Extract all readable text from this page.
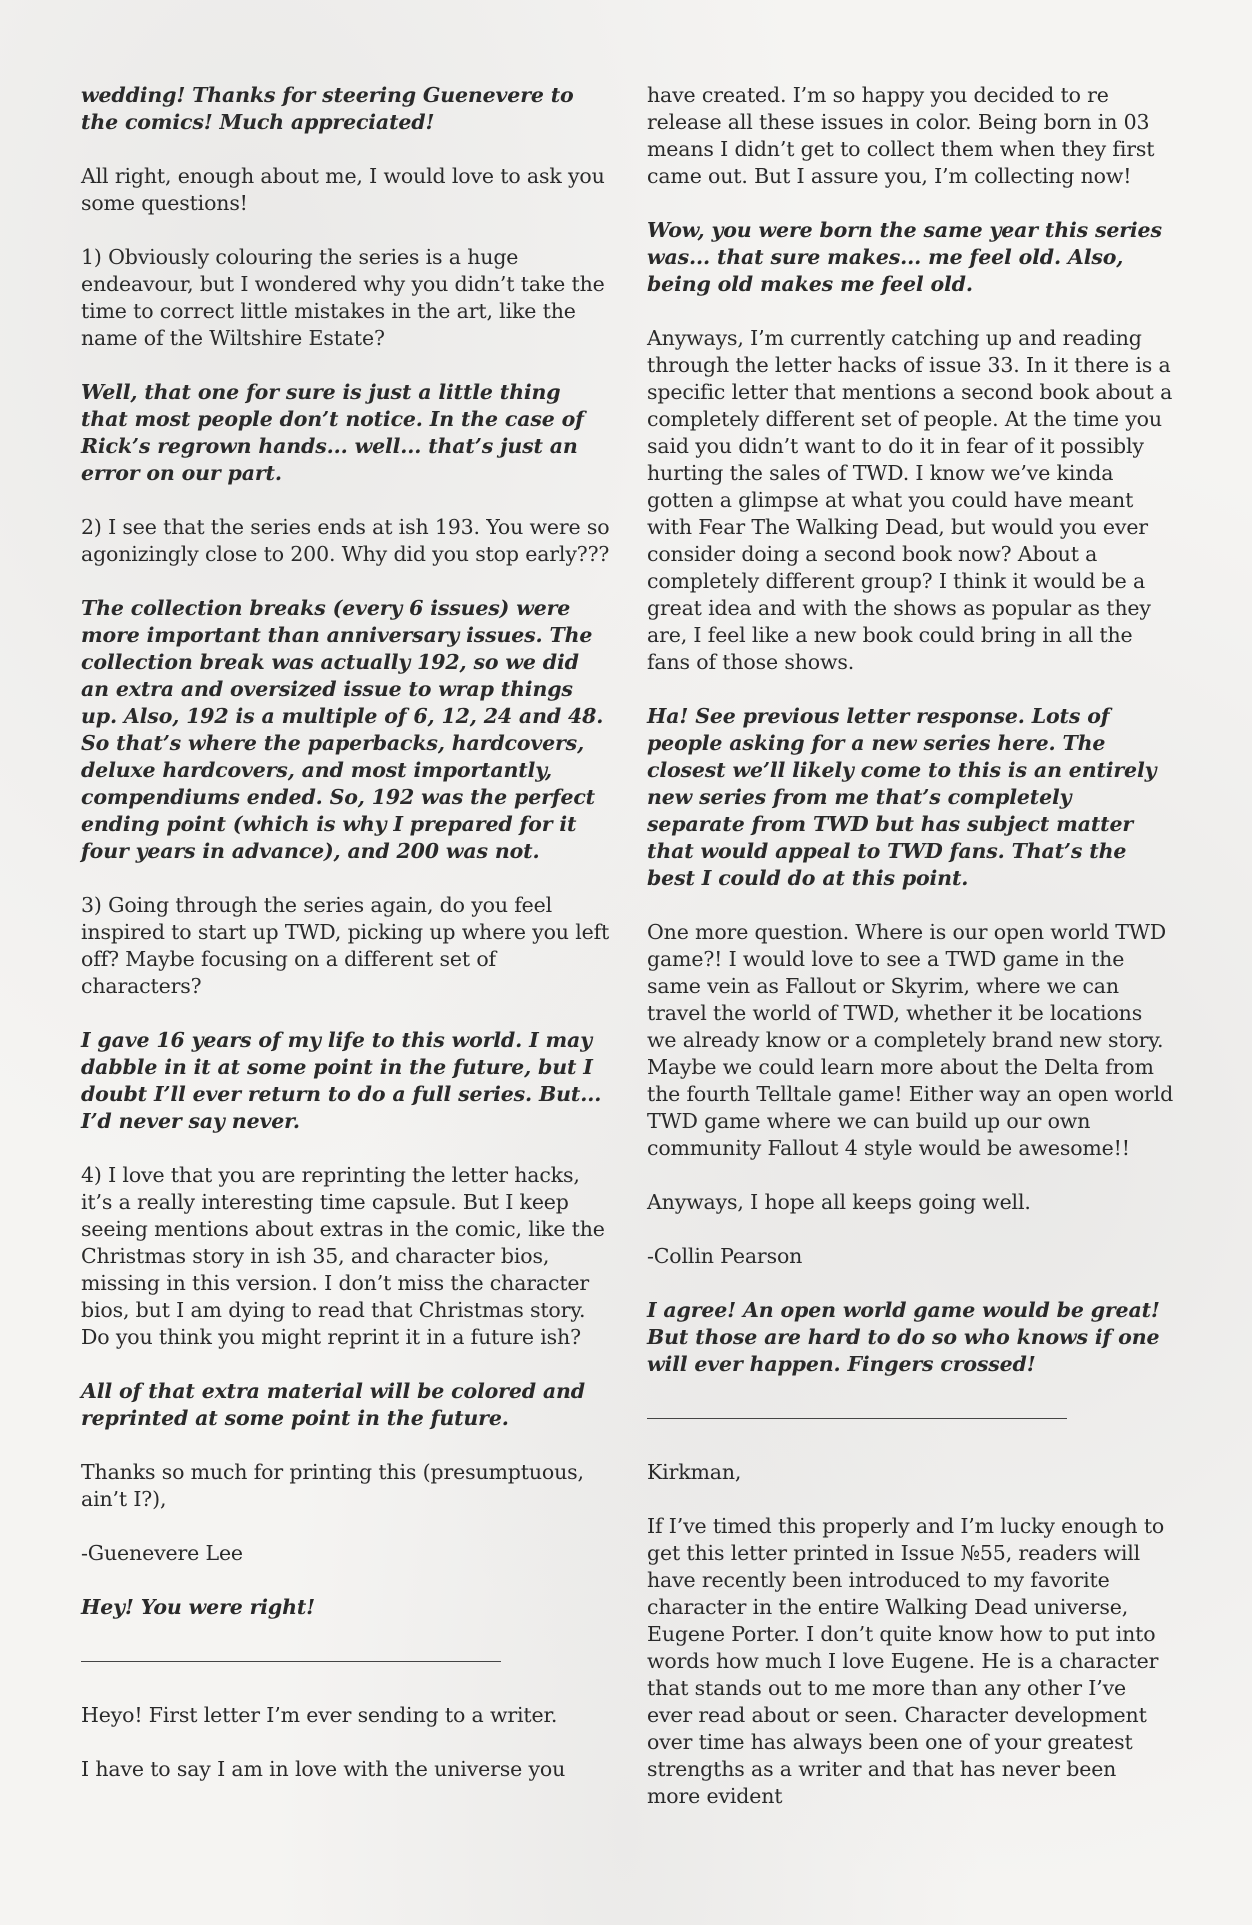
wedding! Thanks for steering Guenevere to the comics! Much appreciated!

All right, enough about me, I would love to ask you some questions!

1) Obviously colouring the series is a huge endeavour, but I wondered why you didn’t take the time to correct little mistakes in the art, like the name of the Wiltshire Estate?

Well, that one for sure is just a little thing that most people don’t notice. In the case of Rick’s regrown hands... well... that’s just an error on our part.

2) I see that the series ends at ish 193. You were so agonizingly close to 200. Why did you stop early???

The collection breaks (every 6 issues) were more important than anniversary issues. The collection break was actually 192, so we did an extra and oversized issue to wrap things up. Also, 192 is a multiple of 6, 12, 24 and 48. So that’s where the paperbacks, hardcovers, deluxe hardcovers, and most importantly, compendiums ended. So, 192 was the perfect ending point (which is why I prepared for it four years in advance), and 200 was not.

3) Going through the series again, do you feel inspired to start up TWD, picking up where you left off? Maybe focusing on a different set of characters?

I gave 16 years of my life to this world. I may dabble in it at some point in the future, but I doubt I’ll ever return to do a full series. But... I’d never say never.

4) I love that you are reprinting the letter hacks, it’s a really interesting time capsule. But I keep seeing mentions about extras in the comic, like the Christmas story in ish 35, and character bios, missing in this version. I don’t miss the character bios, but I am dying to read that Christmas story. Do you think you might reprint it in a future ish?

All of that extra material will be colored and reprinted at some point in the future.

Thanks so much for printing this (presumptuous, ain’t I?),

-Guenevere Lee

Hey! You were right!

Heyo! First letter I’m ever sending to a writer.

I have to say I am in love with the universe you

have created. I’m so happy you decided to re release all these issues in color. Being born in 03 means I didn’t get to collect them when they first came out. But I assure you, I’m collecting now!

Wow, you were born the same year this series was... that sure makes... me feel old. Also, being old makes me feel old.

Anyways, I’m currently catching up and reading through the letter hacks of issue 33. In it there is a specific letter that mentions a second book about a completely different set of people. At the time you said you didn’t want to do it in fear of it possibly hurting the sales of TWD. I know we’ve kinda gotten a glimpse at what you could have meant with Fear The Walking Dead, but would you ever consider doing a second book now? About a completely different group? I think it would be a great idea and with the shows as popular as they are, I feel like a new book could bring in all the fans of those shows.

Ha! See previous letter response. Lots of people asking for a new series here. The closest we’ll likely come to this is an entirely new series from me that’s completely separate from TWD but has subject matter that would appeal to TWD fans. That’s the best I could do at this point.

One more question. Where is our open world TWD game?! I would love to see a TWD game in the same vein as Fallout or Skyrim, where we can travel the world of TWD, whether it be locations we already know or a completely brand new story. Maybe we could learn more about the Delta from the fourth Telltale game! Either way an open world TWD game where we can build up our own community Fallout 4 style would be awesome!!

Anyways, I hope all keeps going well.

-Collin Pearson

I agree! An open world game would be great! But those are hard to do so who knows if one will ever happen. Fingers crossed!

Kirkman,

If I’ve timed this properly and I’m lucky enough to get this letter printed in Issue №55, readers will have recently been introduced to my favorite character in the entire Walking Dead universe, Eugene Porter. I don’t quite know how to put into words how much I love Eugene. He is a character that stands out to me more than any other I’ve ever read about or seen. Character development over time has always been one of your greatest strengths as a writer and that has never been more evident
